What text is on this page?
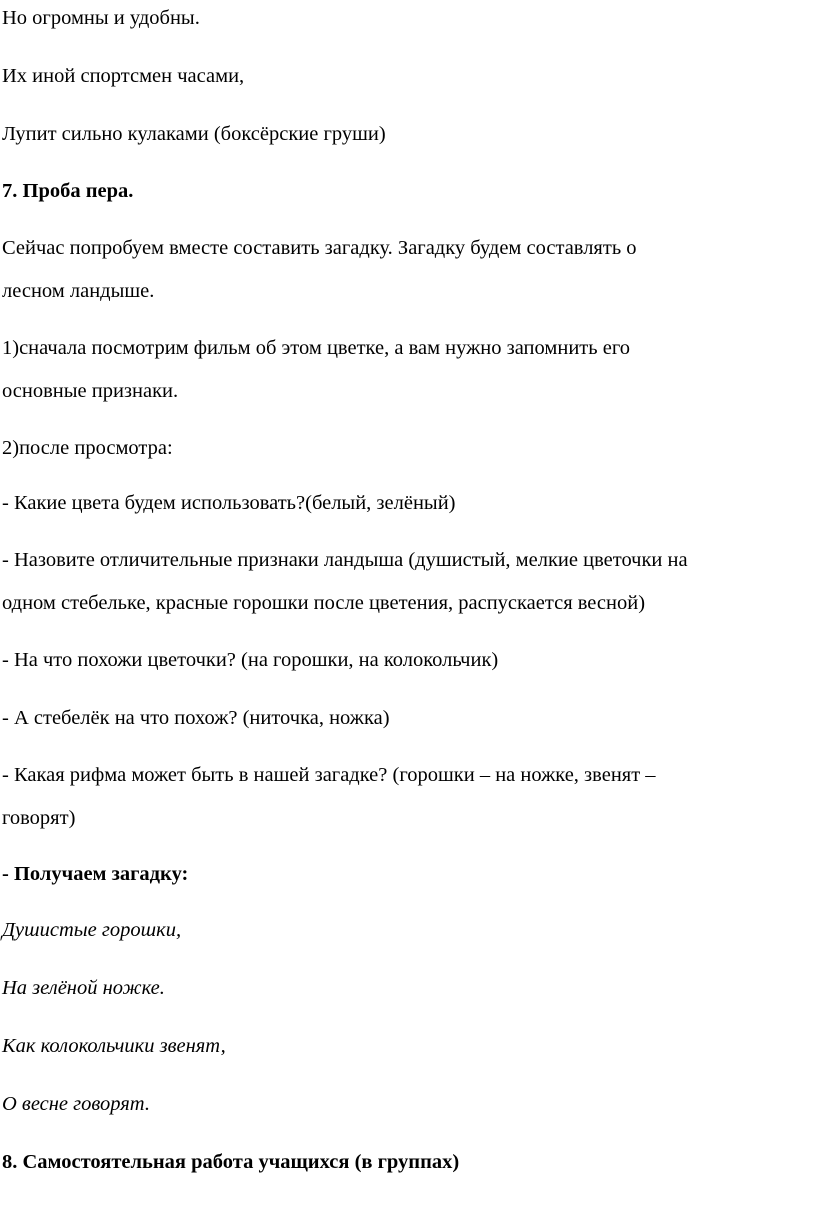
Но огромны и удобны.

Их иной спортсмен часами,

Лупит сильно кулаками (боксёрские груши)

7. Проба пера.

Сейчас попробуем вместе составить загадку. Загадку будем составлять о

лесном ландыше.

1)сначала посмотрим фильм об этом цветке, а вам нужно запомнить его

основные признаки.

2)после просмотра:

- Какие цвета будем использовать?(белый, зелёный)

- Назовите отличительные признаки ландыша (душистый, мелкие цветочки на

одном стебельке, красные горошки после цветения, распускается весной)

- На что похожи цветочки? (на горошки, на колокольчик)

- А стебелёк на что похож? (ниточка, ножка)

- Какая рифма может быть в нашей загадке? (горошки – на ножке, звенят –

говорят)

- Получаем загадку:

Душистые горошки,

На зелёной ножке.

Как колокольчики звенят,

О весне говорят.

8. Самостоятельная работа учащихся (в группах)
